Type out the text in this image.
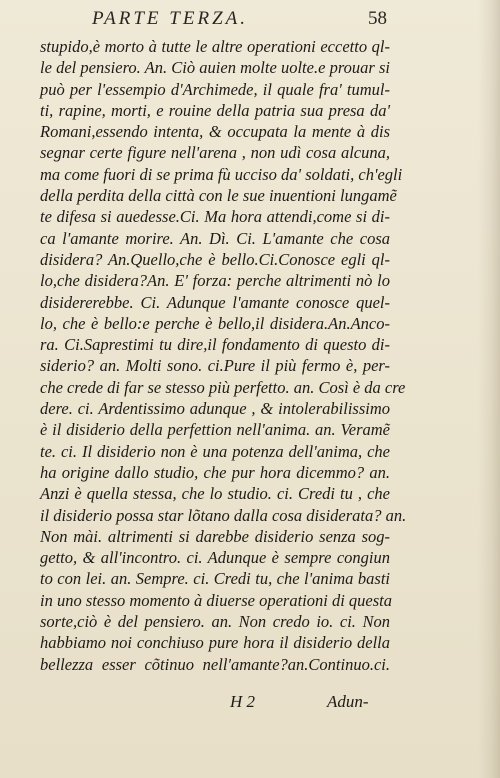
PARTE TERZA.	58
stupido,è morto à tutte le altre operationi eccetto ql-
le del pensiero. An. Ciò auien molte uolte.e prouar si
può per l'essempio d'Archimede, il quale fra' tumul-
ti, rapine, morti, e rouine della patria sua presa da'
Romani,essendo intenta, & occupata la mente à dis
segnar certe figure nell'arena , non udì cosa alcuna,
ma come fuori di se prima fù ucciso da' soldati, ch'egli
della perdita della città con le sue inuentioni lungamẽ
te difesa si auedesse.Ci. Ma hora attendi,come si di-
ca l'amante morire. An. Dì. Ci. L'amante che cosa
disidera? An.Quello,che è bello.Ci.Conosce egli ql-
lo,che disidera?An. E' forza: perche altrimenti nò lo
disidererebbe. Ci. Adunque l'amante conosce quel-
lo, che è bello:e perche è bello,il disidera.An.Anco-
ra. Ci.Saprestimi tu dire,il fondamento di questo di-
siderio? an. Molti sono. ci.Pure il più fermo è, per-
che crede di far se stesso più perfetto. an. Così è da cre
dere. ci. Ardentissimo adunque , & intolerabilissimo
è il disiderio della perfettion nell'anima. an. Veramẽ
te. ci. Il disiderio non è una potenza dell'anima, che
ha origine dallo studio, che pur hora dicemmo? an.
Anzi è quella stessa, che lo studio. ci. Credi tu , che
il disiderio possa star lõtano dalla cosa disiderata? an.
Non mài. altrimenti si darebbe disiderio senza sog-
getto, & all'incontro. ci. Adunque è sempre congiun
to con lei. an. Sempre. ci. Credi tu, che l'anima basti
in uno stesso momento à diuerse operationi di questa
sorte,ciò è del pensiero. an. Non credo io. ci. Non
habbiamo noi conchiuso pure hora il disiderio della
bellezza esser cõtinuo nell'amante?an.Continuo.ci.
H 2	Adun-
